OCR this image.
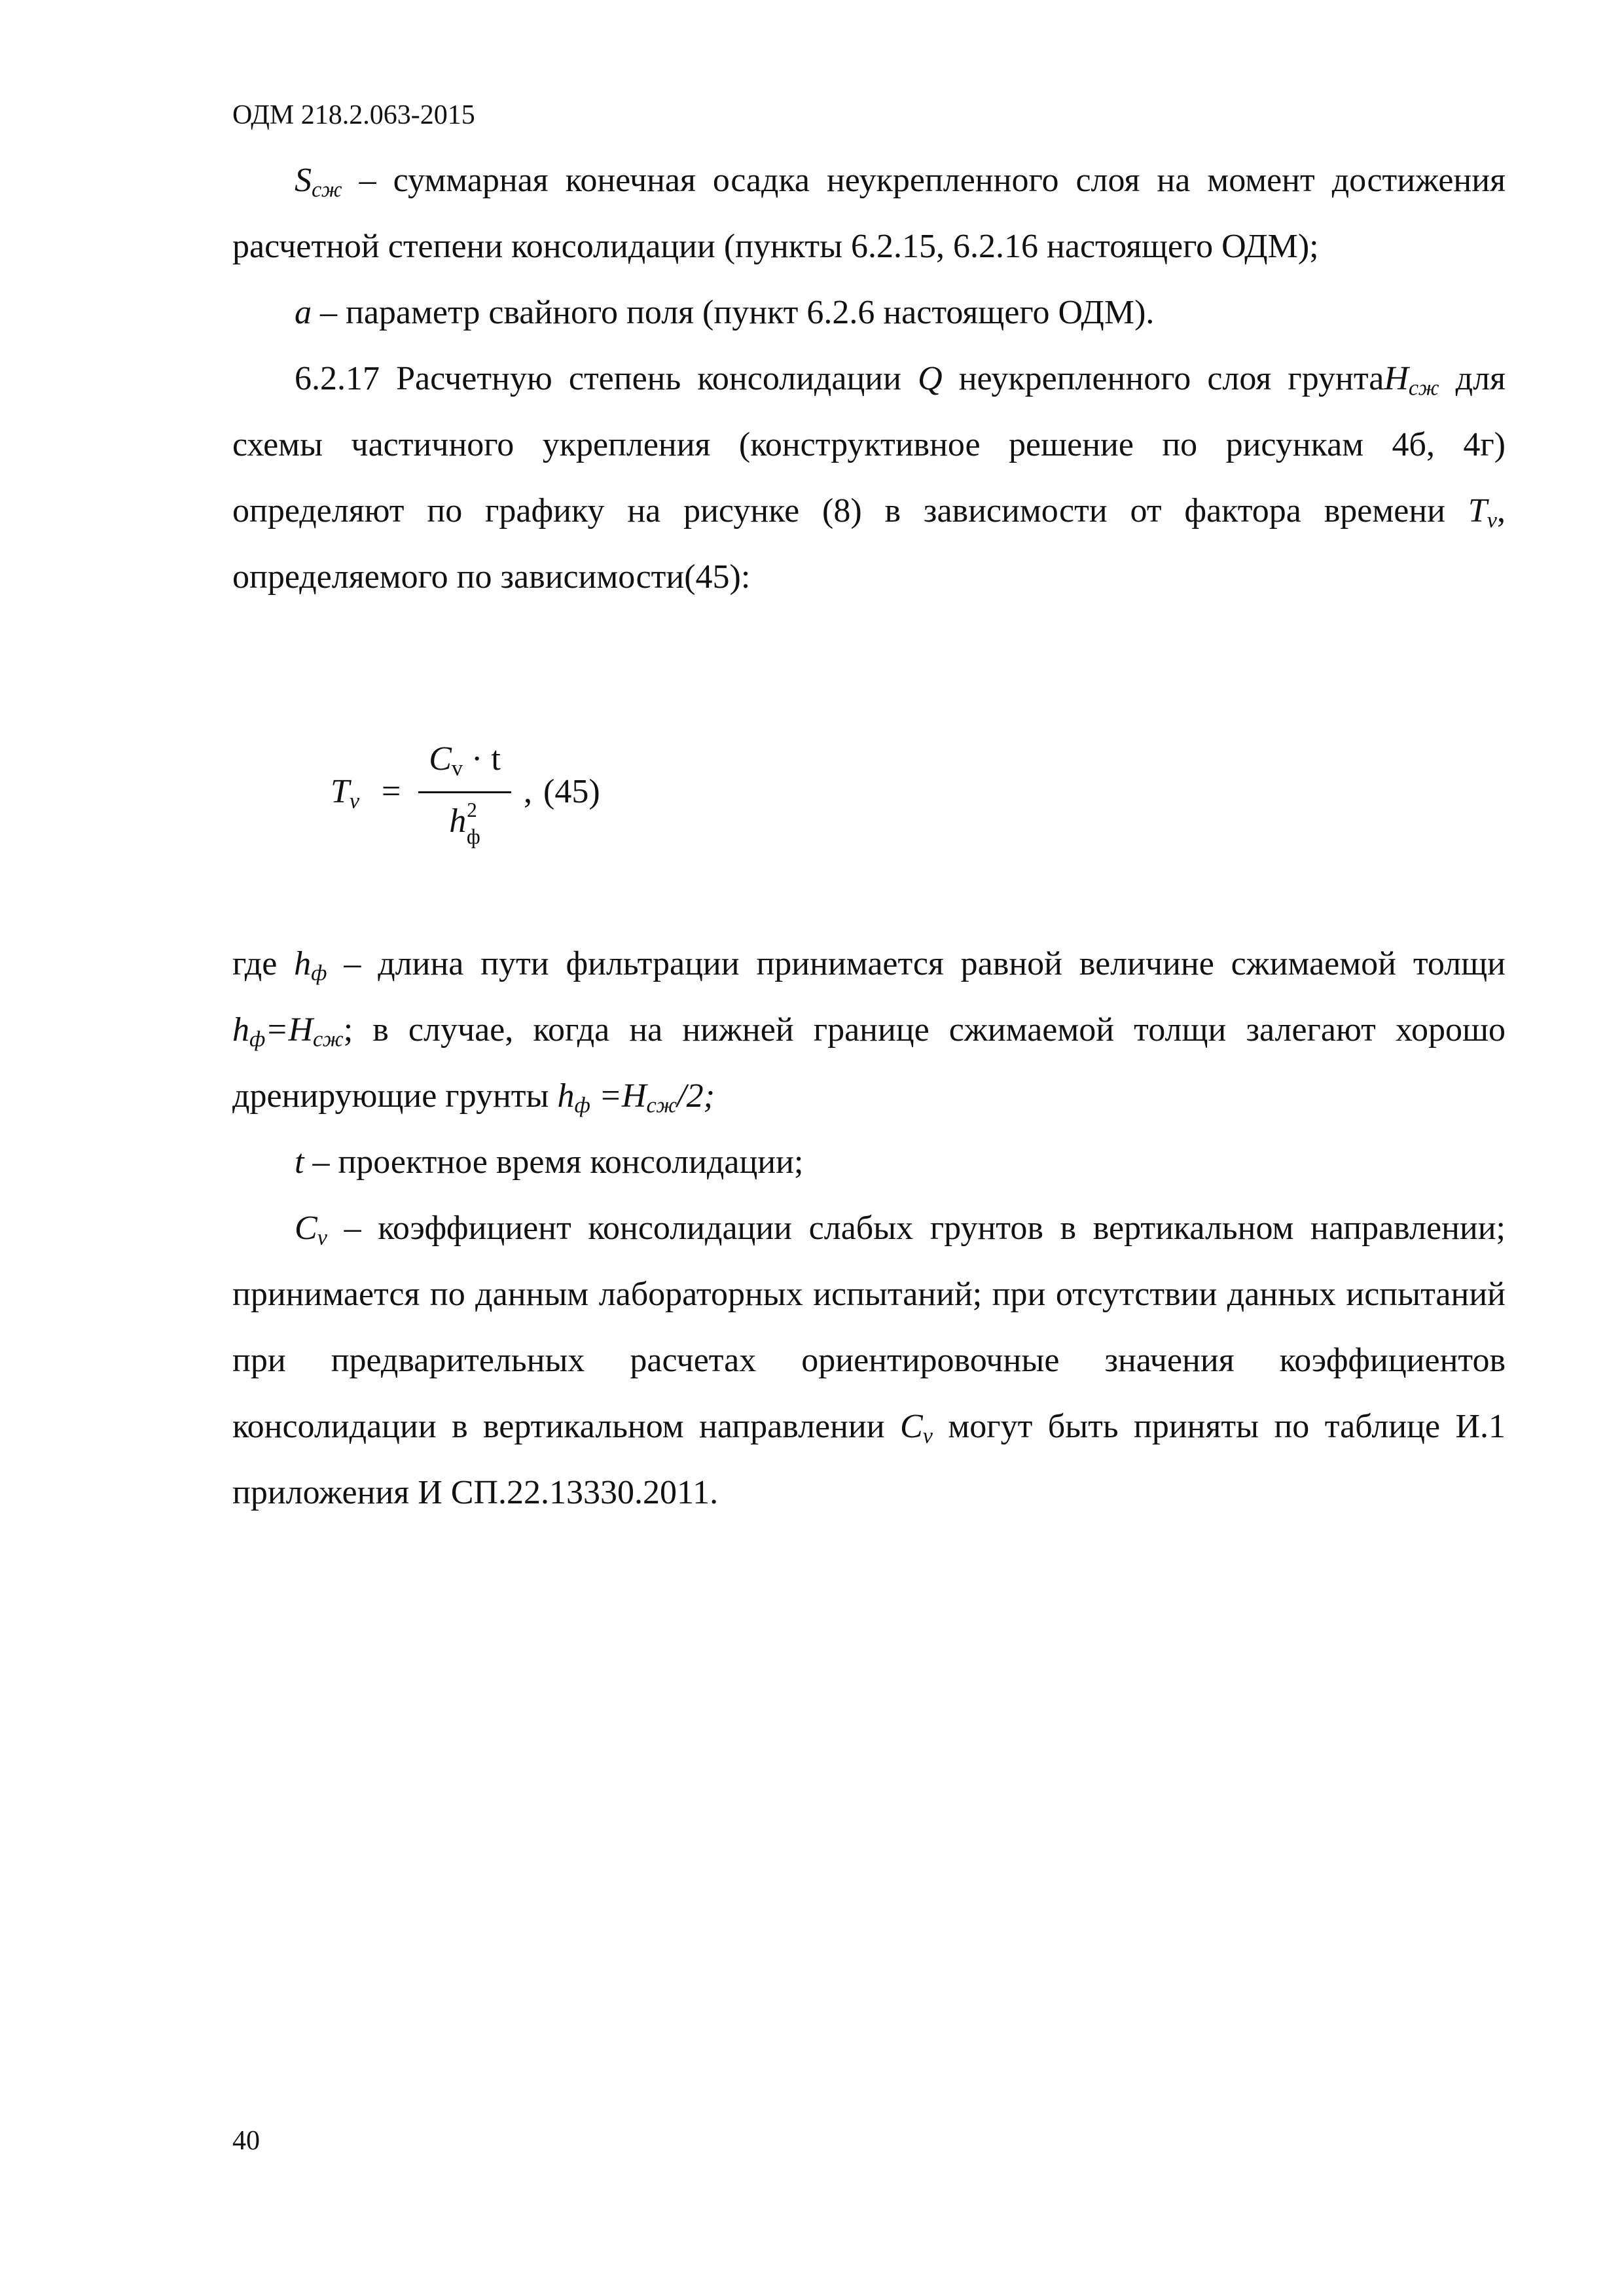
ОДМ 218.2.063-2015

$S_{сж}$ – суммарная конечная осадка неукрепленного слоя на момент достижения расчетной степени консолидации (пункты 6.2.15, 6.2.16 настоящего ОДМ);

a – параметр свайного поля (пункт 6.2.6 настоящего ОДМ).

6.2.17 Расчетную степень консолидации Q неукрепленного слоя грунтаH$_{сж}$ для схемы частичного укрепления (конструктивное решение по рисункам 4б, 4г) определяют по графику на рисунке (8) в зависимости от фактора времени $T_v$, определяемого по зависимости(45):

$T_v$ =
$C_v \cdot t$
$h^2_ф$
, (45)

где $h_ф$ – длина пути фильтрации принимается равной величине сжимаемой толщи $h_ф=H_{сж}$; в случае, когда на нижней границе сжимаемой толщи залегают хорошо дренирующие грунты $h_ф =H_{сж}/2$;

t – проектное время консолидации;

$C_v$ – коэффициент консолидации слабых грунтов в вертикальном направлении; принимается по данным лабораторных испытаний; при отсутствии данных испытаний при предварительных расчетах ориентировочные значения коэффициентов консолидации в вертикальном направлении $C_v$ могут быть приняты по таблице И.1 приложения И СП.22.13330.2011.

40
